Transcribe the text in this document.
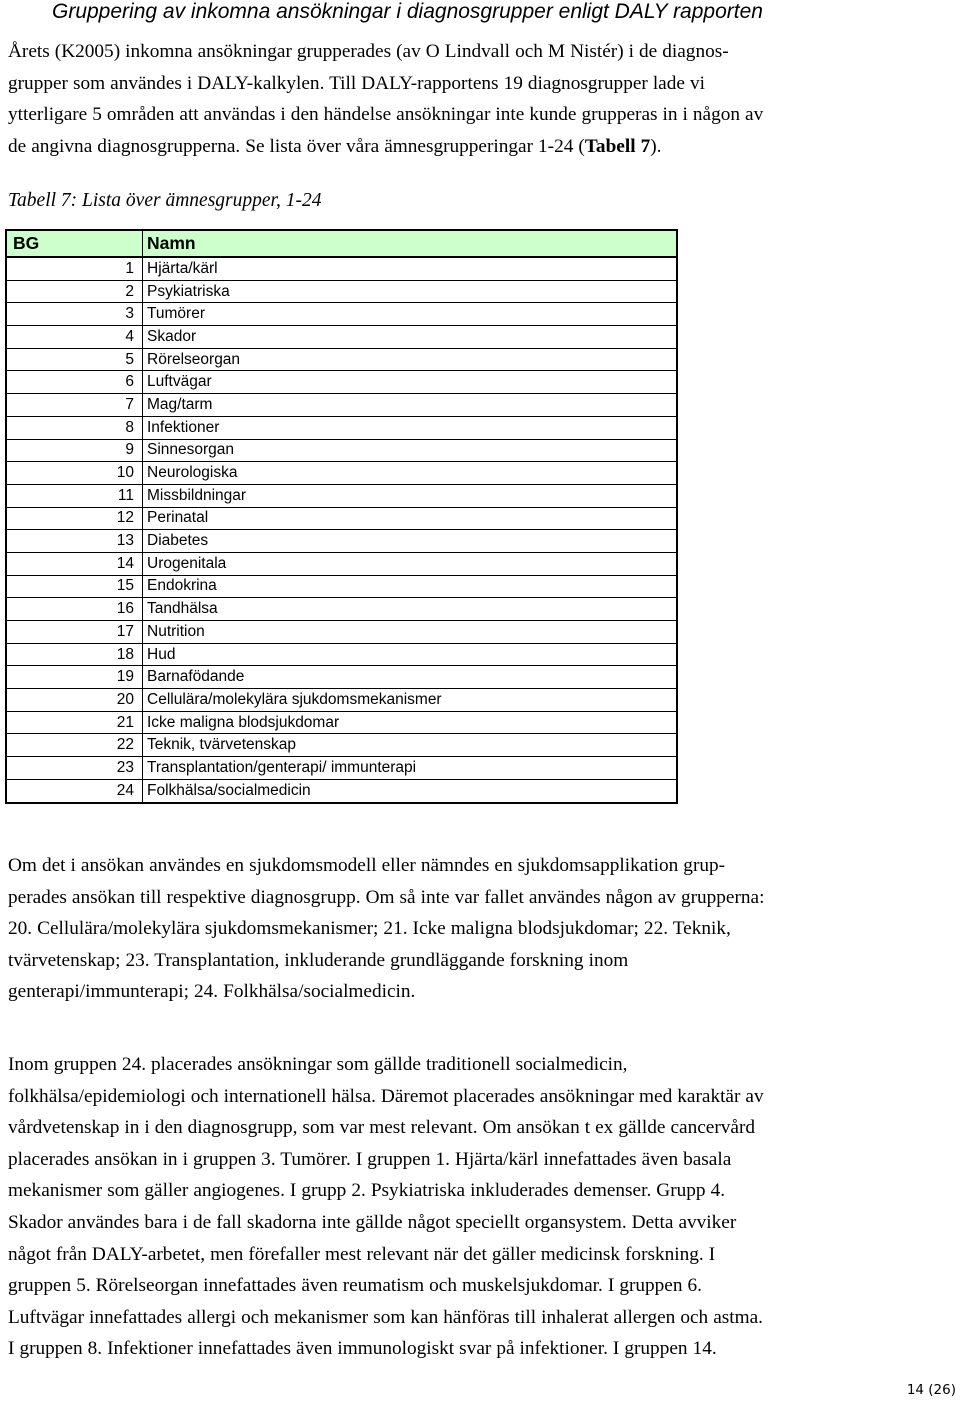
Gruppering av inkomna ansökningar i diagnosgrupper enligt DALY rapporten

Årets (K2005) inkomna ansökningar grupperades (av O Lindvall och M Nistér) i de diagnos-
grupper som användes i DALY-kalkylen. Till DALY-rapportens 19 diagnosgrupper lade vi
ytterligare 5 områden att användas i den händelse ansökningar inte kunde grupperas in i någon av
de angivna diagnosgrupperna. Se lista över våra ämnesgrupperingar 1-24 (Tabell 7).

Tabell 7: Lista över ämnesgrupper, 1-24
BG	Namn
1	Hjärta/kärl
2	Psykiatriska
3	Tumörer
4	Skador
5	Rörelseorgan
6	Luftvägar
7	Mag/tarm
8	Infektioner
9	Sinnesorgan
10	Neurologiska
11	Missbildningar
12	Perinatal
13	Diabetes
14	Urogenitala
15	Endokrina
16	Tandhälsa
17	Nutrition
18	Hud
19	Barnafödande
20	Cellulära/molekylära sjukdomsmekanismer
21	Icke maligna blodsjukdomar
22	Teknik, tvärvetenskap
23	Transplantation/genterapi/ immunterapi
24	Folkhälsa/socialmedicin

Om det i ansökan användes en sjukdomsmodell eller nämndes en sjukdomsapplikation grup-
perades ansökan till respektive diagnosgrupp. Om så inte var fallet användes någon av grupperna:
20. Cellulära/molekylära sjukdomsmekanismer; 21. Icke maligna blodsjukdomar; 22. Teknik,
tvärvetenskap; 23. Transplantation, inkluderande grundläggande forskning inom
genterapi/immunterapi; 24. Folkhälsa/socialmedicin.

Inom gruppen 24. placerades ansökningar som gällde traditionell socialmedicin,
folkhälsa/epidemiologi och internationell hälsa. Däremot placerades ansökningar med karaktär av
vårdvetenskap in i den diagnosgrupp, som var mest relevant. Om ansökan t ex gällde cancervård
placerades ansökan in i gruppen 3. Tumörer. I gruppen 1. Hjärta/kärl innefattades även basala
mekanismer som gäller angiogenes. I grupp 2. Psykiatriska inkluderades demenser. Grupp 4.
Skador användes bara i de fall skadorna inte gällde något speciellt organsystem. Detta avviker
något från DALY-arbetet, men förefaller mest relevant när det gäller medicinsk forskning. I
gruppen 5. Rörelseorgan innefattades även reumatism och muskelsjukdomar. I gruppen 6.
Luftvägar innefattades allergi och mekanismer som kan hänföras till inhalerat allergen och astma.
I gruppen 8. Infektioner innefattades även immunologiskt svar på infektioner. I gruppen 14.

14 (26)
